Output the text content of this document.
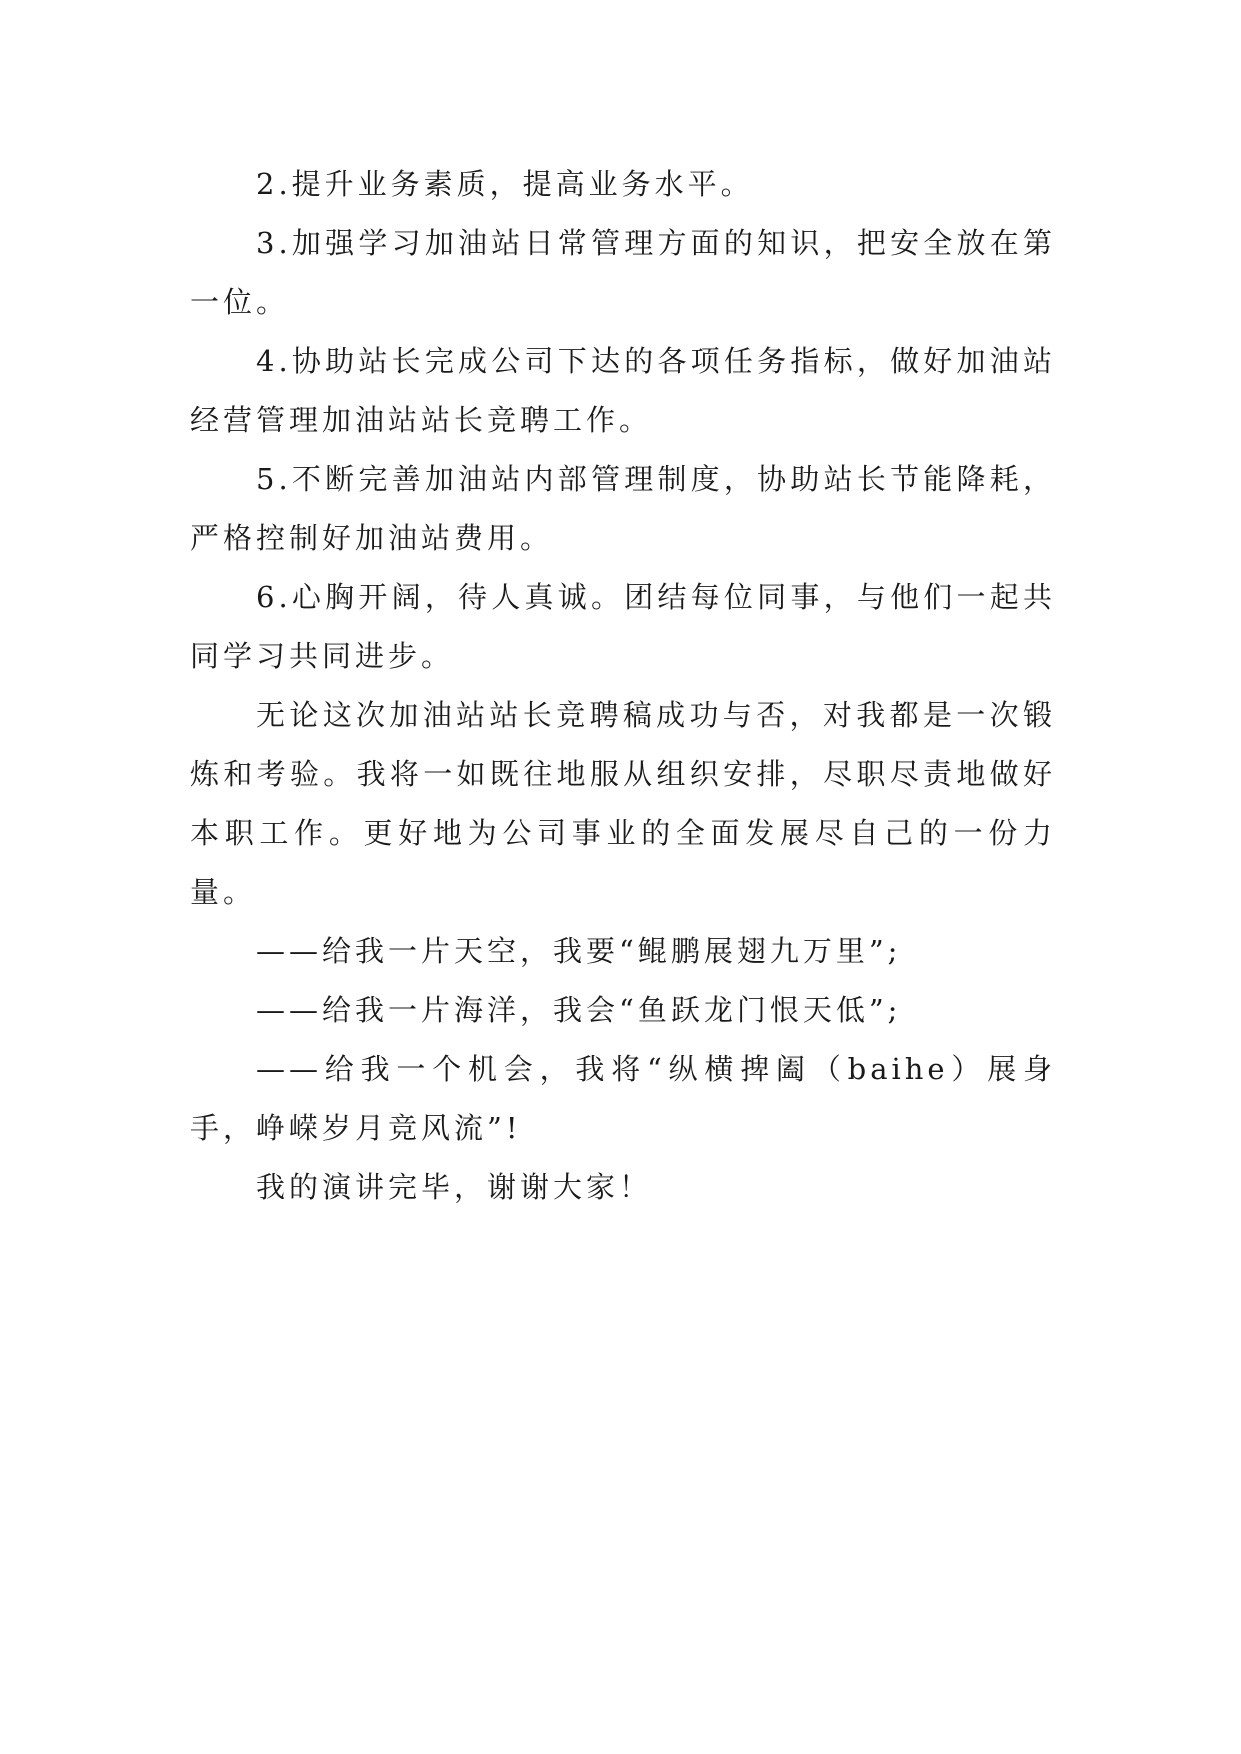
2.提升业务素质，提高业务水平。

3.加强学习加油站日常管理方面的知识，把安全放在第一位。

4.协助站长完成公司下达的各项任务指标，做好加油站经营管理加油站站长竞聘工作。

5.不断完善加油站内部管理制度，协助站长节能降耗，严格控制好加油站费用。

6.心胸开阔，待人真诚。团结每位同事，与他们一起共同学习共同进步。

无论这次加油站站长竞聘稿成功与否，对我都是一次锻炼和考验。我将一如既往地服从组织安排，尽职尽责地做好本职工作。更好地为公司事业的全面发展尽自己的一份力量。

——给我一片天空，我要“鲲鹏展翅九万里”;

——给我一片海洋，我会“鱼跃龙门恨天低”;

——给我一个机会，我将“纵横捭阖（baihe）展身手，峥嵘岁月竞风流”!

我的演讲完毕，谢谢大家！
